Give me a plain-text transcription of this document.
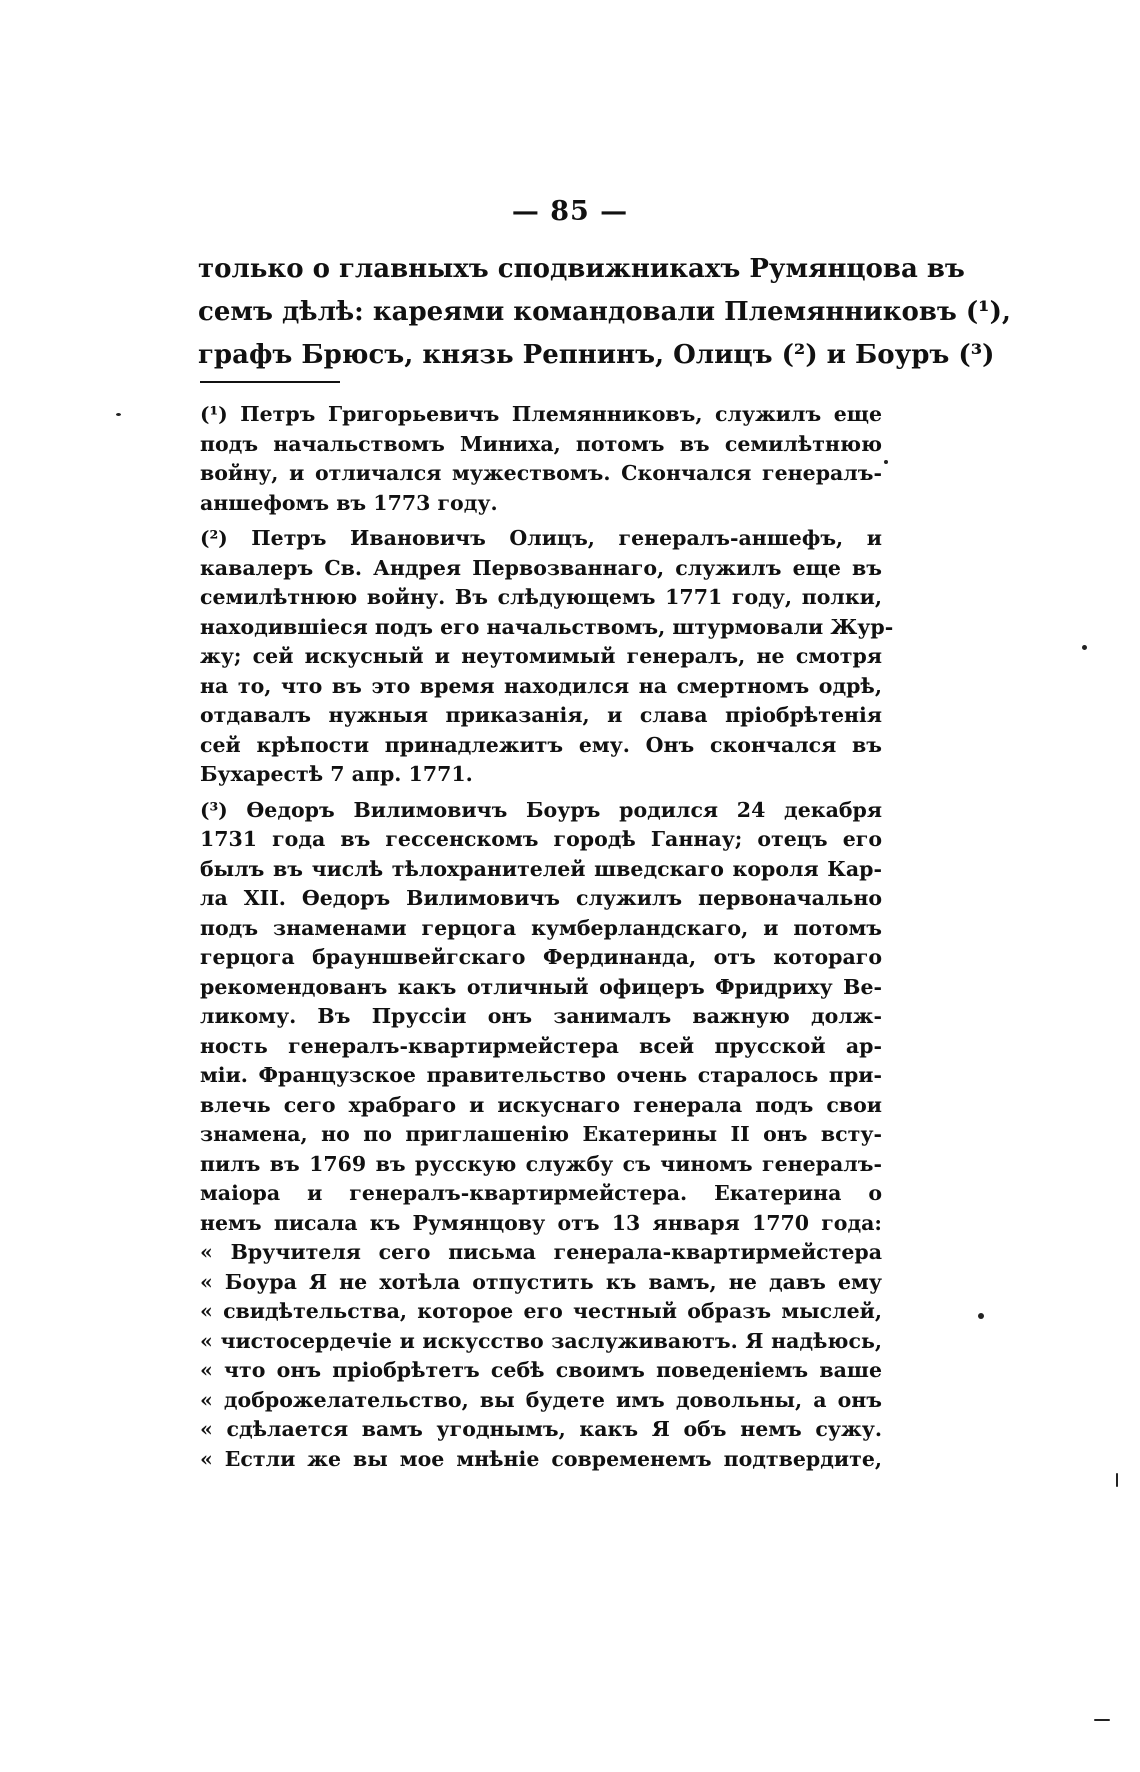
— 85 —
только о главныхъ сподвижникахъ Румянцова въ
семъ дѣлѣ: кареями командовали Племянниковъ (¹),
графъ Брюсъ, князь Репнинъ, Олицъ (²) и Боуръ (³)
(¹) Петръ Григорьевичъ Племянниковъ, служилъ еще
подъ начальствомъ Миниха, потомъ въ семилѣтнюю
войну, и отличался мужествомъ. Скончался генералъ-
аншефомъ въ 1773 году.
(²) Петръ Ивановичъ Олицъ, генералъ-аншефъ, и
кавалеръ Св. Андрея Первозваннаго, служилъ еще въ
семилѣтнюю войну. Въ слѣдующемъ 1771 году, полки,
находившіеся подъ его начальствомъ, штурмовали Жур-
жу; сей искусный и неутомимый генералъ, не смотря
на то, что въ это время находился на смертномъ одрѣ,
отдавалъ нужныя приказанія, и слава пріобрѣтенія
сей крѣпости принадлежитъ ему. Онъ скончался въ
Бухарестѣ 7 апр. 1771.
(³) Ѳедоръ Вилимовичъ Боуръ родился 24 декабря
1731 года въ гессенскомъ городѣ Ганнау; отецъ его
былъ въ числѣ тѣлохранителей шведскаго короля Кар-
ла XII. Ѳедоръ Вилимовичъ служилъ первоначально
подъ знаменами герцога кумберландскаго, и потомъ
герцога брауншвейгскаго Фердинанда, отъ котораго
рекомендованъ какъ отличный офицеръ Фридриху Ве-
ликому. Въ Пруссіи онъ занималъ важную долж-
ность генералъ-квартирмейстера всей прусской ар-
міи. Французское правительство очень старалось при-
влечь сего храбраго и искуснаго генерала подъ свои
знамена, но по приглашенію Екатерины II онъ всту-
пилъ въ 1769 въ русскую службу съ чиномъ генералъ-
маіора и генералъ-квартирмейстера. Екатерина о
немъ писала къ Румянцову отъ 13 января 1770 года:
« Вручителя сего письма генерала-квартирмейстера
« Боура Я не хотѣла отпустить къ вамъ, не давъ ему
« свидѣтельства, которое его честный образъ мыслей,
« чистосердечіе и искусство заслуживаютъ. Я надѣюсь,
« что онъ пріобрѣтетъ себѣ своимъ поведеніемъ ваше
« доброжелательство, вы будете имъ довольны, а онъ
« сдѣлается вамъ угоднымъ, какъ Я объ немъ сужу.
« Естли же вы мое мнѣніе современемъ подтвердите,
